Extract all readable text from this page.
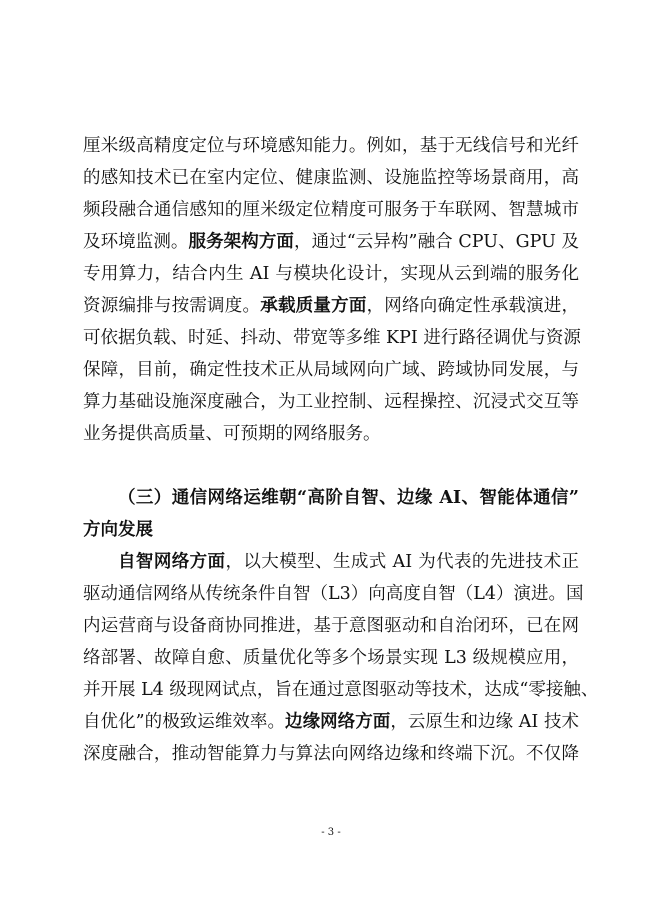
厘米级高精度定位与环境感知能力。例如，基于无线信号和光纤
的感知技术已在室内定位、健康监测、设施监控等场景商用，高
频段融合通信感知的厘米级定位精度可服务于车联网、智慧城市
及环境监测。服务架构方面，通过“云异构”融合 CPU、GPU 及
专用算力，结合内生 AI 与模块化设计，实现从云到端的服务化
资源编排与按需调度。承载质量方面，网络向确定性承载演进，
可依据负载、时延、抖动、带宽等多维 KPI 进行路径调优与资源
保障，目前，确定性技术正从局域网向广域、跨域协同发展，与
算力基础设施深度融合，为工业控制、远程操控、沉浸式交互等
业务提供高质量、可预期的网络服务。
（三）通信网络运维朝“高阶自智、边缘 AI、智能体通信”
方向发展
自智网络方面，以大模型、生成式 AI 为代表的先进技术正
驱动通信网络从传统条件自智（L3）向高度自智（L4）演进。国
内运营商与设备商协同推进，基于意图驱动和自治闭环，已在网
络部署、故障自愈、质量优化等多个场景实现 L3 级规模应用，
并开展 L4 级现网试点，旨在通过意图驱动等技术，达成“零接触、
自优化”的极致运维效率。边缘网络方面，云原生和边缘 AI 技术
深度融合，推动智能算力与算法向网络边缘和终端下沉。不仅降
- 3 -
